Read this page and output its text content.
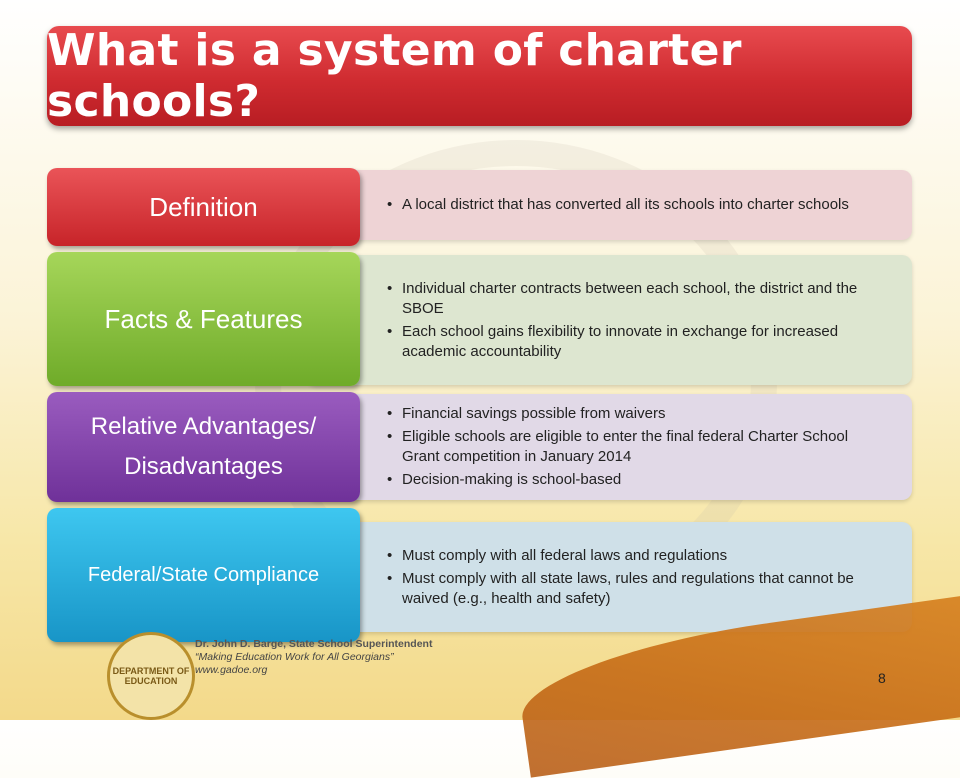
What is a system of charter schools?
• A local district that has converted all its schools into charter schools
Definition
• Individual charter contracts between each school, the district and the SBOE
• Each school gains flexibility to innovate in exchange for increased academic accountability
Facts & Features
• Financial savings possible from waivers
• Eligible schools are eligible to enter the final federal Charter School Grant competition in January 2014
• Decision-making is school-based
Relative Advantages/
Disadvantages
• Must comply with all federal laws and regulations
• Must comply with all state laws, rules and regulations that cannot be waived (e.g., health and safety)
Federal/State Compliance
DEPARTMENT OF EDUCATION
Dr. John D. Barge, State School Superintendent
“Making Education Work for All Georgians”
www.gadoe.org	8
